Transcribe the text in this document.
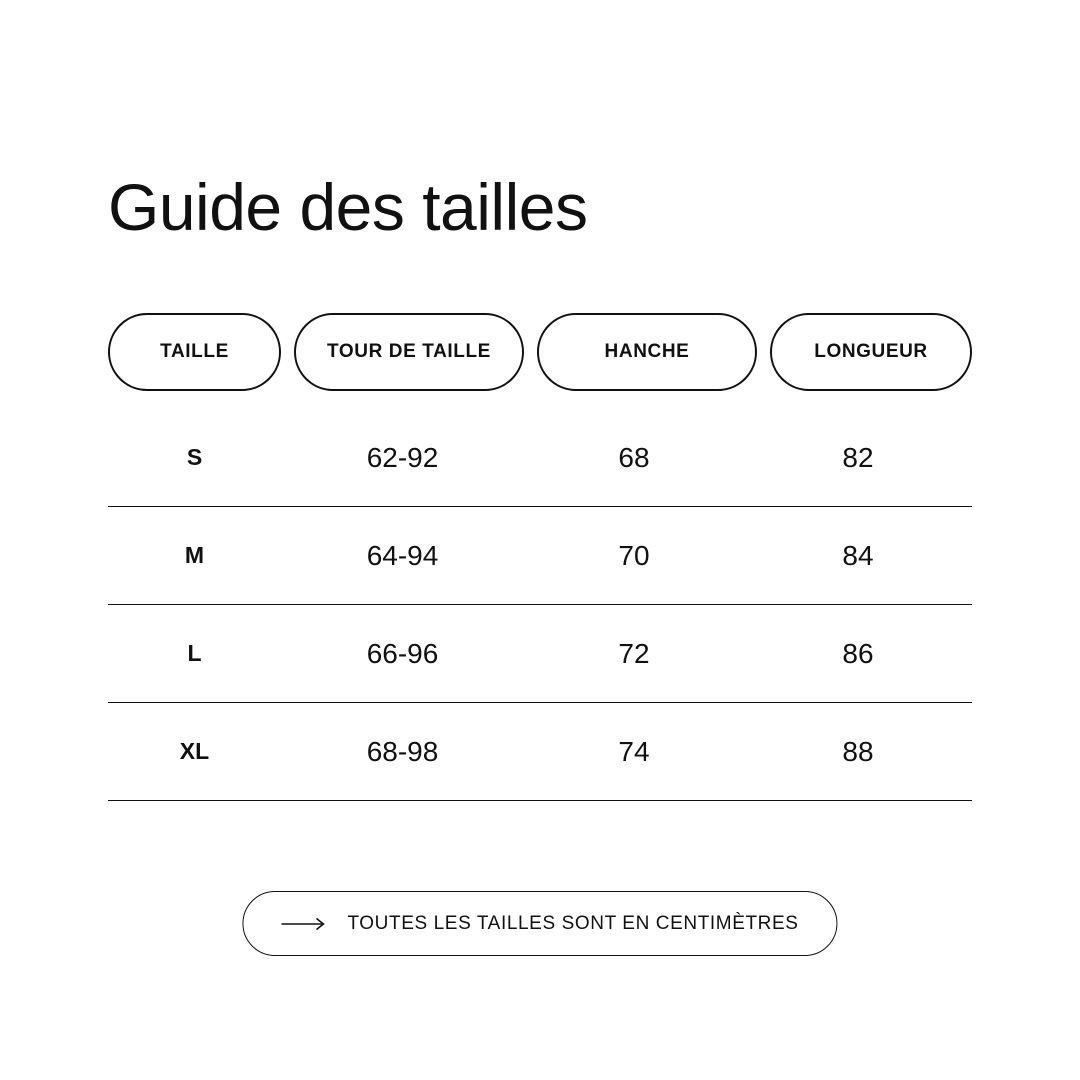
Guide des tailles
TAILLE	TOUR DE TAILLE	HANCHE	LONGUEUR
S	62-92	68	82
M	64-94	70	84
L	66-96	72	86
XL	68-98	74	88
TOUTES LES TAILLES SONT EN CENTIMÈTRES
